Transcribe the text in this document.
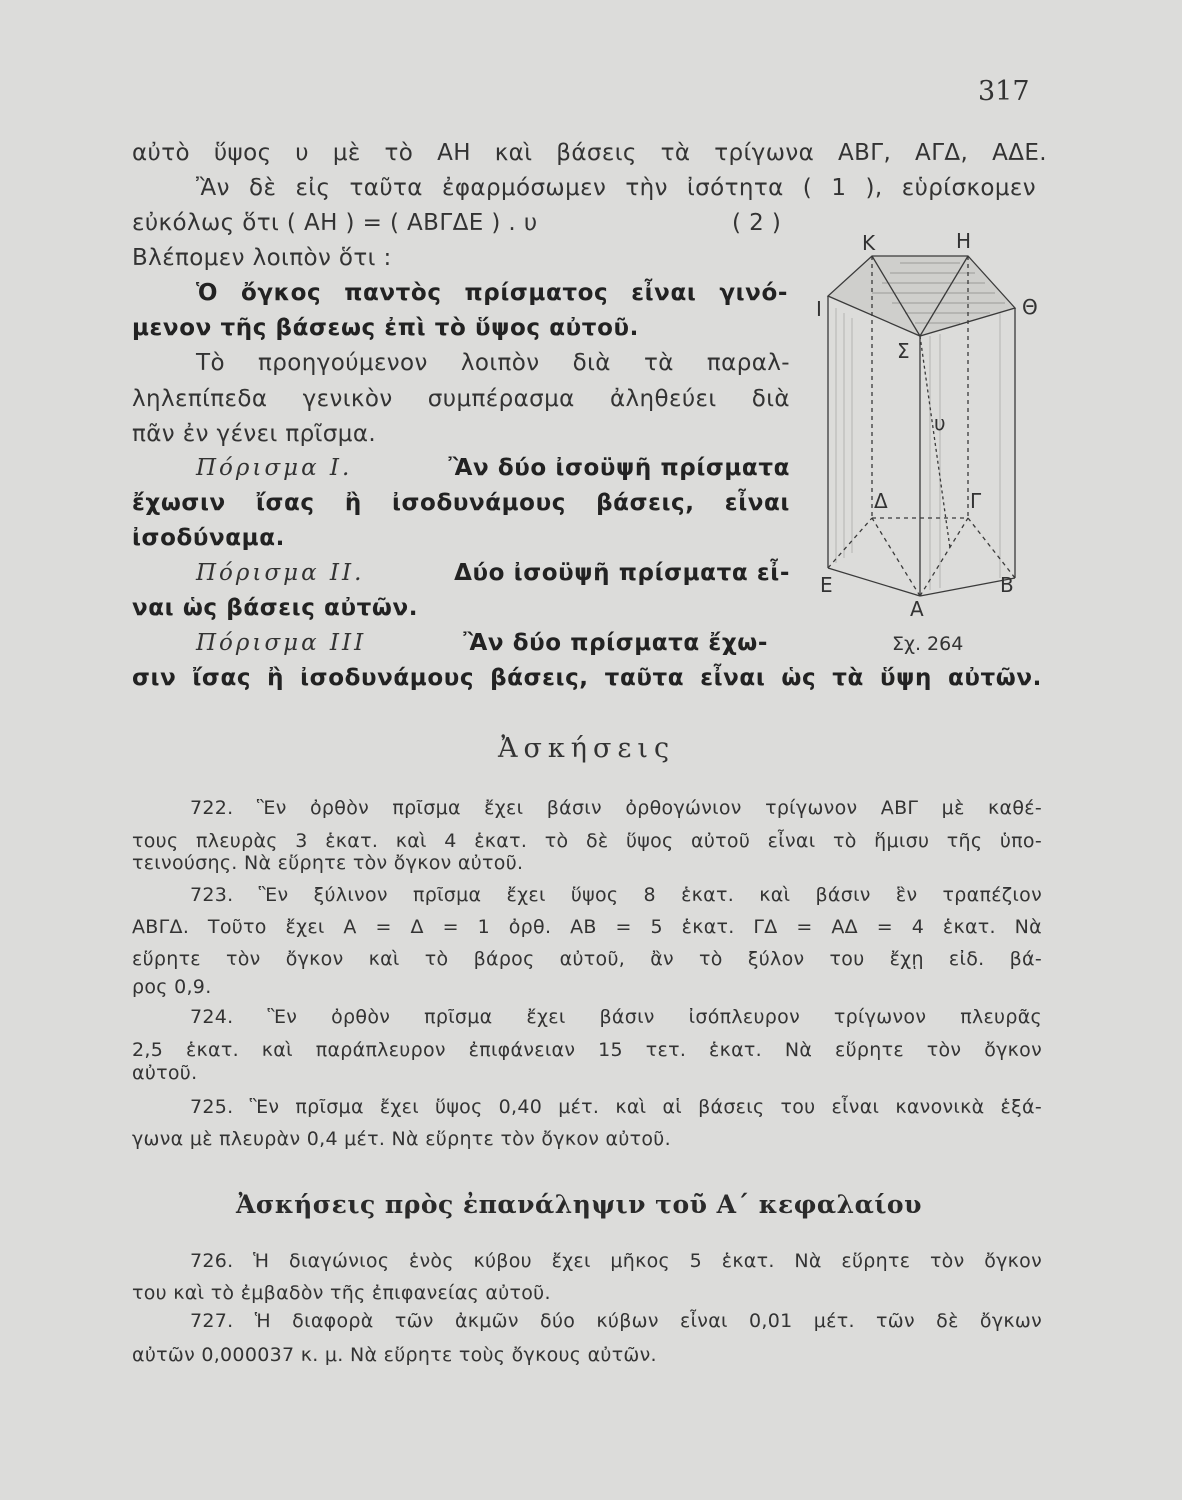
317
αὐτὸ ὕψος υ μὲ τὸ ΑΗ καὶ βάσεις τὰ τρίγωνα ΑΒΓ, ΑΓΔ, ΑΔΕ.
Ἂν δὲ εἰς ταῦτα ἐφαρμόσωμεν τὴν ἰσότητα ( 1 ), εὑρίσκομεν
εὐκόλως ὅτι ( ΑΗ ) = ( ΑΒΓΔΕ ) . υ	( 2 )
Βλέπομεν λοιπὸν ὅτι :
Ὁ ὄγκος παντὸς πρίσματος εἶναι γινό-
μενον τῆς βάσεως ἐπὶ τὸ ὕψος αὐτοῦ.
Τὸ προηγούμενον λοιπὸν διὰ τὰ παραλ-
ληλεπίπεδα γενικὸν συμπέρασμα ἀληθεύει διὰ
πᾶν ἐν γένει πρῖσμα.
Πόρισμα Ι.	Ἂν δύο ἰσοϋψῆ πρίσματα
ἔχωσιν ἴσας ἢ ἰσοδυνάμους βάσεις, εἶναι
ἰσοδύναμα.
Πόρισμα ΙΙ.	Δύο ἰσοϋψῆ πρίσματα εἶ-
ναι ὡς βάσεις αὐτῶν.
Πόρισμα ΙΙΙ	Ἂν δύο πρίσματα ἔχω-
σιν ἴσας ἢ ἰσοδυνάμους βάσεις, ταῦτα εἶναι ὡς τὰ ὕψη αὐτῶν.
Κ	Η
Ι	Θ
Σ
υ
Δ	Γ
Ε	Β
Α
Σχ. 264
Ἀσκήσεις
722. Ἓν ὀρθὸν πρῖσμα ἔχει βάσιν ὀρθογώνιον τρίγωνον ΑΒΓ μὲ καθέ-
τους πλευρὰς 3 ἑκατ. καὶ 4 ἑκατ. τὸ δὲ ὕψος αὐτοῦ εἶναι τὸ ἥμισυ τῆς ὑπο-
τεινούσης. Νὰ εὕρητε τὸν ὄγκον αὐτοῦ.
723. Ἓν ξύλινον πρῖσμα ἔχει ὕψος 8 ἑκατ. καὶ βάσιν ἓν τραπέζιον
ΑΒΓΔ. Τοῦτο ἔχει Α = Δ = 1 ὀρθ. ΑΒ = 5 ἑκατ. ΓΔ = ΑΔ = 4 ἑκατ. Νὰ
εὕρητε τὸν ὄγκον καὶ τὸ βάρος αὐτοῦ, ἂν τὸ ξύλον του ἔχῃ εἰδ. βά-
ρος 0,9.
724. Ἓν ὀρθὸν πρῖσμα ἔχει βάσιν ἰσόπλευρον τρίγωνον πλευρᾶς
2,5 ἑκατ. καὶ παράπλευρον ἐπιφάνειαν 15 τετ. ἑκατ. Νὰ εὕρητε τὸν ὄγκον
αὐτοῦ.
725. Ἓν πρῖσμα ἔχει ὕψος 0,40 μέτ. καὶ αἱ βάσεις του εἶναι κανονικὰ ἑξά-
γωνα μὲ πλευρὰν 0,4 μέτ. Νὰ εὕρητε τὸν ὄγκον αὐτοῦ.
Ἀσκήσεις πρὸς ἐπανάληψιν τοῦ Α΄ κεφαλαίου
726. Ἡ διαγώνιος ἑνὸς κύβου ἔχει μῆκος 5 ἑκατ. Νὰ εὕρητε τὸν ὄγκον
του καὶ τὸ ἐμβαδὸν τῆς ἐπιφανείας αὐτοῦ.
727. Ἡ διαφορὰ τῶν ἀκμῶν δύο κύβων εἶναι 0,01 μέτ. τῶν δὲ ὄγκων
αὐτῶν 0,000037 κ. μ. Νὰ εὕρητε τοὺς ὄγκους αὐτῶν.
